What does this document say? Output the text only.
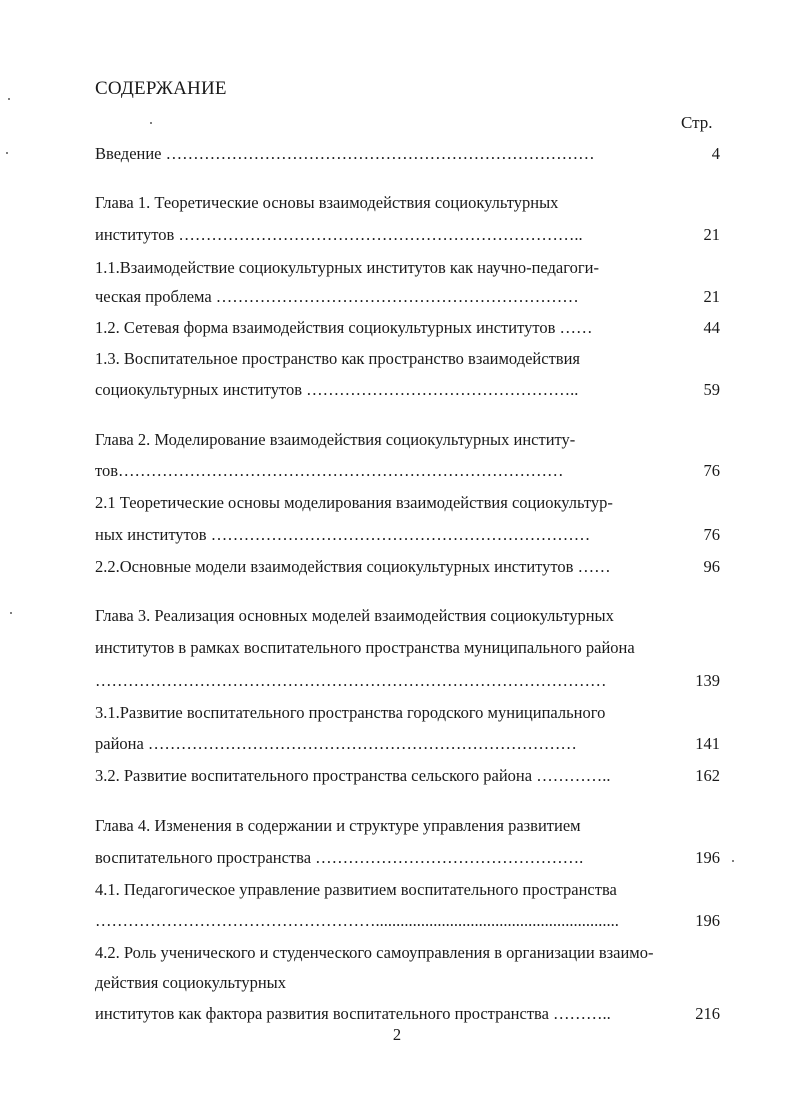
СОДЕРЖАНИЕ
Стр.
Введение ……………………………………………………………………	4
Глава 1. Теоретические основы взаимодействия социокультурных
институтов ………………………………………………………………..	21
1.1.Взаимодействие социокультурных институтов как научно-педагоги-
ческая проблема …………………………………………………………	21
1.2. Сетевая форма взаимодействия социокультурных институтов ……	44
1.3. Воспитательное пространство как пространство взаимодействия
социокультурных институтов …………………………………………..	59
Глава 2. Моделирование взаимодействия социокультурных институ-
тов………………………………………………………………………	76
2.1 Теоретические основы моделирования взаимодействия социокультур-
ных институтов ……………………………………………………………	76
2.2.Основные модели взаимодействия социокультурных институтов ……	96
Глава 3. Реализация основных моделей взаимодействия социокультурных
институтов в рамках воспитательного пространства муниципального района
…………………………………………………………………………………	139
3.1.Развитие воспитательного пространства городского муниципального
района ……………………………………………………………………	141
3.2. Развитие воспитательного пространства сельского района …………..	162
Глава 4. Изменения в содержании и структуре управления развитием
воспитательного пространства ………………………………………….	196
4.1. Педагогическое управление развитием воспитательного пространства
……………………………………………...........................................................	196
4.2. Роль ученического и студенческого самоуправления в организации взаимо-
действия социокультурных
институтов как фактора развития воспитательного пространства ………..	216
2
